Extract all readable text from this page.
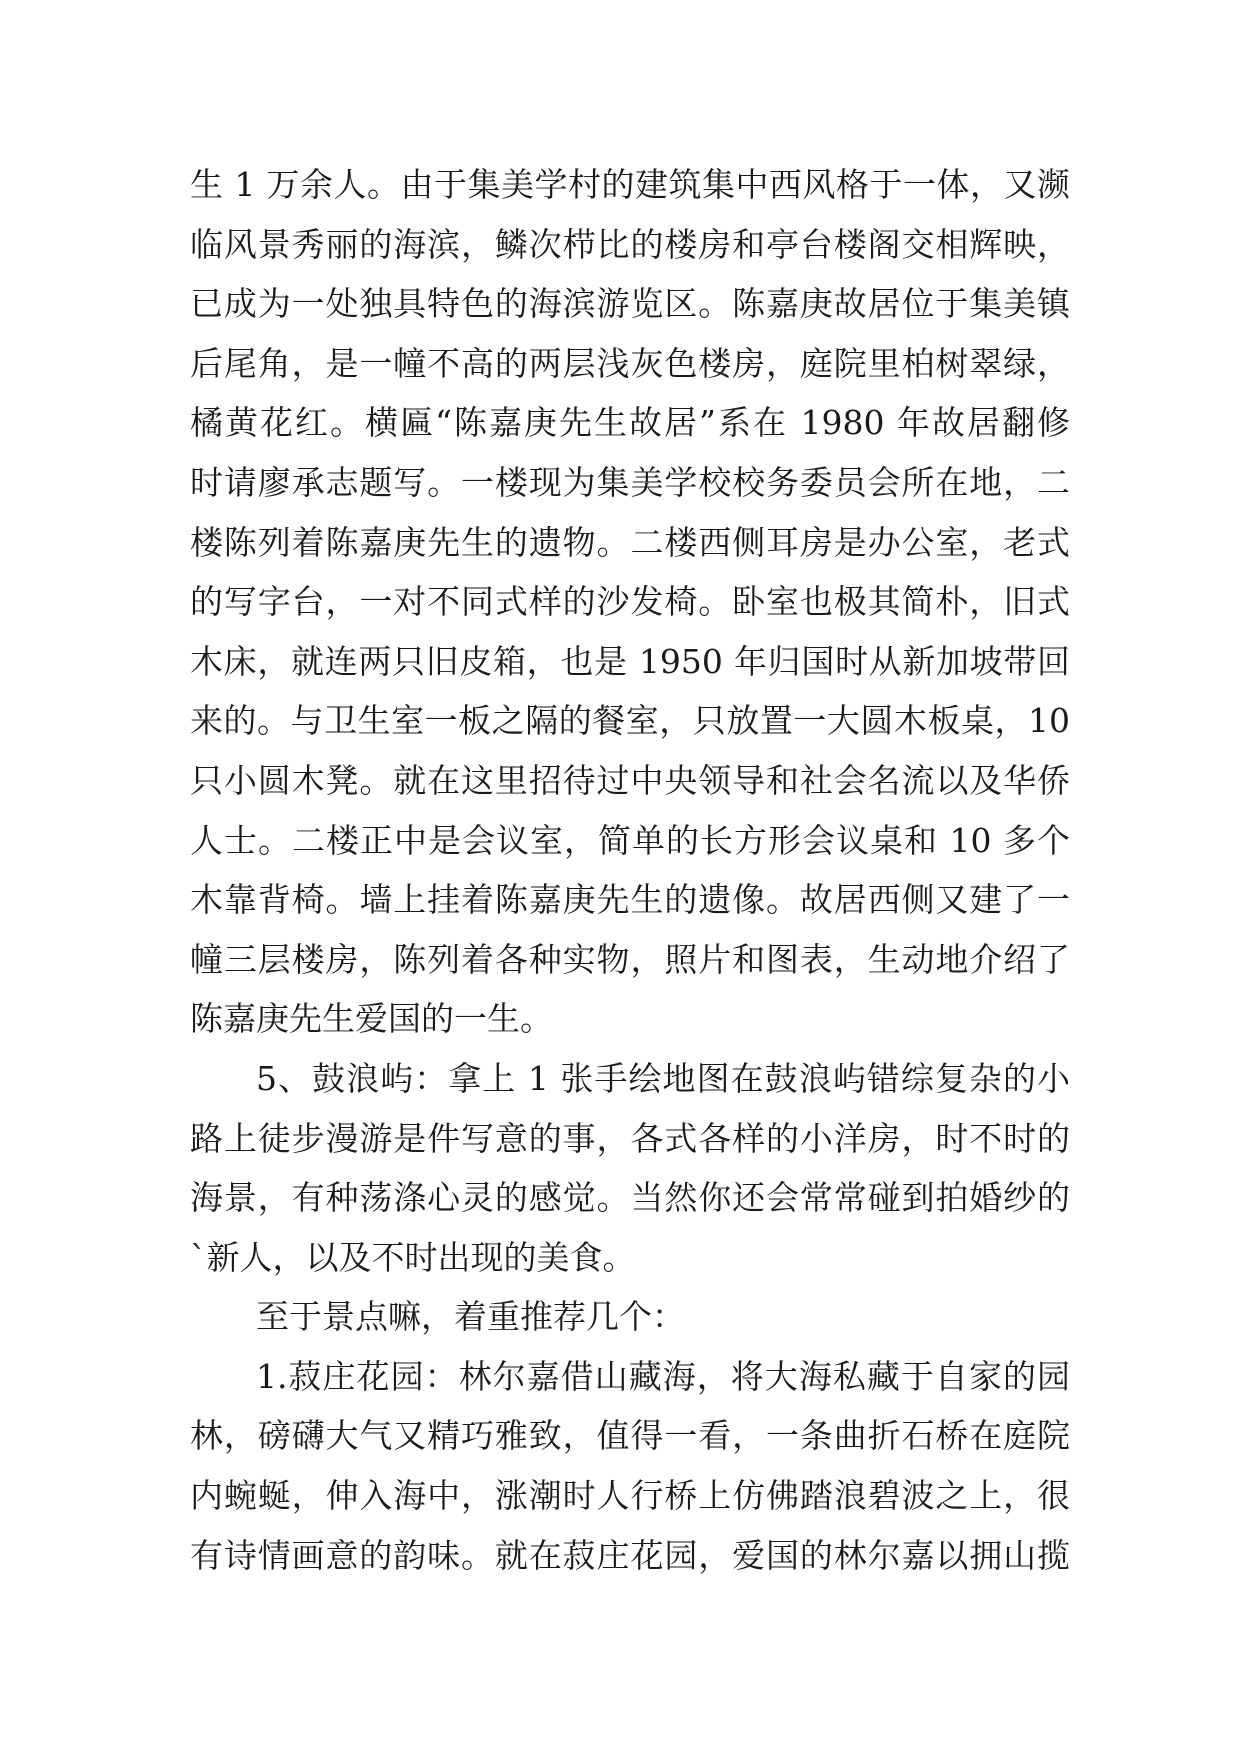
生 1 万余人。由于集美学村的建筑集中西风格于一体，又濒
临风景秀丽的海滨，鳞次栉比的楼房和亭台楼阁交相辉映，
已成为一处独具特色的海滨游览区。陈嘉庚故居位于集美镇
后尾角，是一幢不高的两层浅灰色楼房，庭院里柏树翠绿，
橘黄花红。横匾“陈嘉庚先生故居”系在 1980 年故居翻修
时请廖承志题写。一楼现为集美学校校务委员会所在地，二
楼陈列着陈嘉庚先生的遗物。二楼西侧耳房是办公室，老式
的写字台，一对不同式样的沙发椅。卧室也极其简朴，旧式
木床，就连两只旧皮箱，也是 1950 年归国时从新加坡带回
来的。与卫生室一板之隔的餐室，只放置一大圆木板桌，10
只小圆木凳。就在这里招待过中央领导和社会名流以及华侨
人士。二楼正中是会议室，简单的长方形会议桌和 10 多个
木靠背椅。墙上挂着陈嘉庚先生的遗像。故居西侧又建了一
幢三层楼房，陈列着各种实物，照片和图表，生动地介绍了
陈嘉庚先生爱国的一生。
5、鼓浪屿：拿上 1 张手绘地图在鼓浪屿错综复杂的小
路上徒步漫游是件写意的事，各式各样的小洋房，时不时的
海景，有种荡涤心灵的感觉。当然你还会常常碰到拍婚纱的
`新人，以及不时出现的美食。
至于景点嘛，着重推荐几个：
1.菽庄花园：林尔嘉借山藏海，将大海私藏于自家的园
林，磅礴大气又精巧雅致，值得一看，一条曲折石桥在庭院
内蜿蜒，伸入海中，涨潮时人行桥上仿佛踏浪碧波之上，很
有诗情画意的韵味。就在菽庄花园，爱国的林尔嘉以拥山揽
